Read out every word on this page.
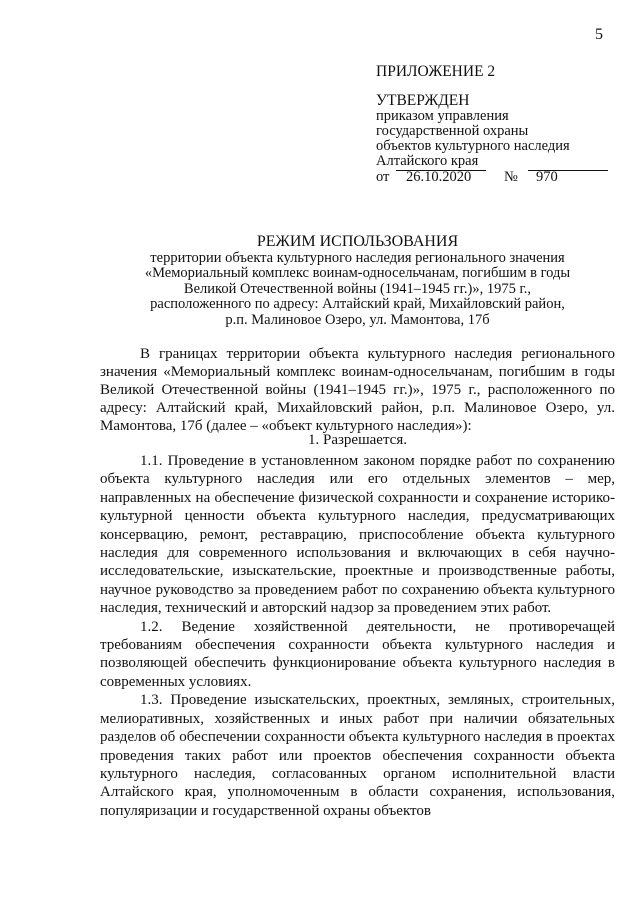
5
ПРИЛОЖЕНИЕ 2
УТВЕРЖДЕН
приказом управления
государственной охраны
объектов культурного наследия
Алтайского края
от 26.10.2020 № 970
РЕЖИМ ИСПОЛЬЗОВАНИЯ
территории объекта культурного наследия регионального значения
«Мемориальный комплекс воинам-односельчанам, погибшим в годы
Великой Отечественной войны (1941–1945 гг.)», 1975 г.,
расположенного по адресу: Алтайский край, Михайловский район,
р.п. Малиновое Озеро, ул. Мамонтова, 17б

В границах территории объекта культурного наследия регионального значения «Мемориальный комплекс воинам-односельчанам, погибшим в годы Великой Отечественной войны (1941–1945 гг.)», 1975 г., расположенного по адресу: Алтайский край, Михайловский район, р.п. Малиновое Озеро, ул. Мамонтова, 17б (далее – «объект культурного наследия»):

1. Разрешается.

1.1. Проведение в установленном законом порядке работ по сохранению объекта культурного наследия или его отдельных элементов – мер, направленных на обеспечение физической сохранности и сохранение историко-культурной ценности объекта культурного наследия, предусматривающих консервацию, ремонт, реставрацию, приспособление объекта культурного наследия для современного использования и включающих в себя научно-исследовательские, изыскательские, проектные и производственные работы, научное руководство за проведением работ по сохранению объекта культурного наследия, технический и авторский надзор за проведением этих работ.

1.2. Ведение хозяйственной деятельности, не противоречащей требованиям обеспечения сохранности объекта культурного наследия и позволяющей обеспечить функционирование объекта культурного наследия в современных условиях.

1.3. Проведение изыскательских, проектных, земляных, строительных, мелиоративных, хозяйственных и иных работ при наличии обязательных разделов об обеспечении сохранности объекта культурного наследия в проектах проведения таких работ или проектов обеспечения сохранности объекта культурного наследия, согласованных органом исполнительной власти Алтайского края, уполномоченным в области сохранения, использования, популяризации и государственной охраны объектов
